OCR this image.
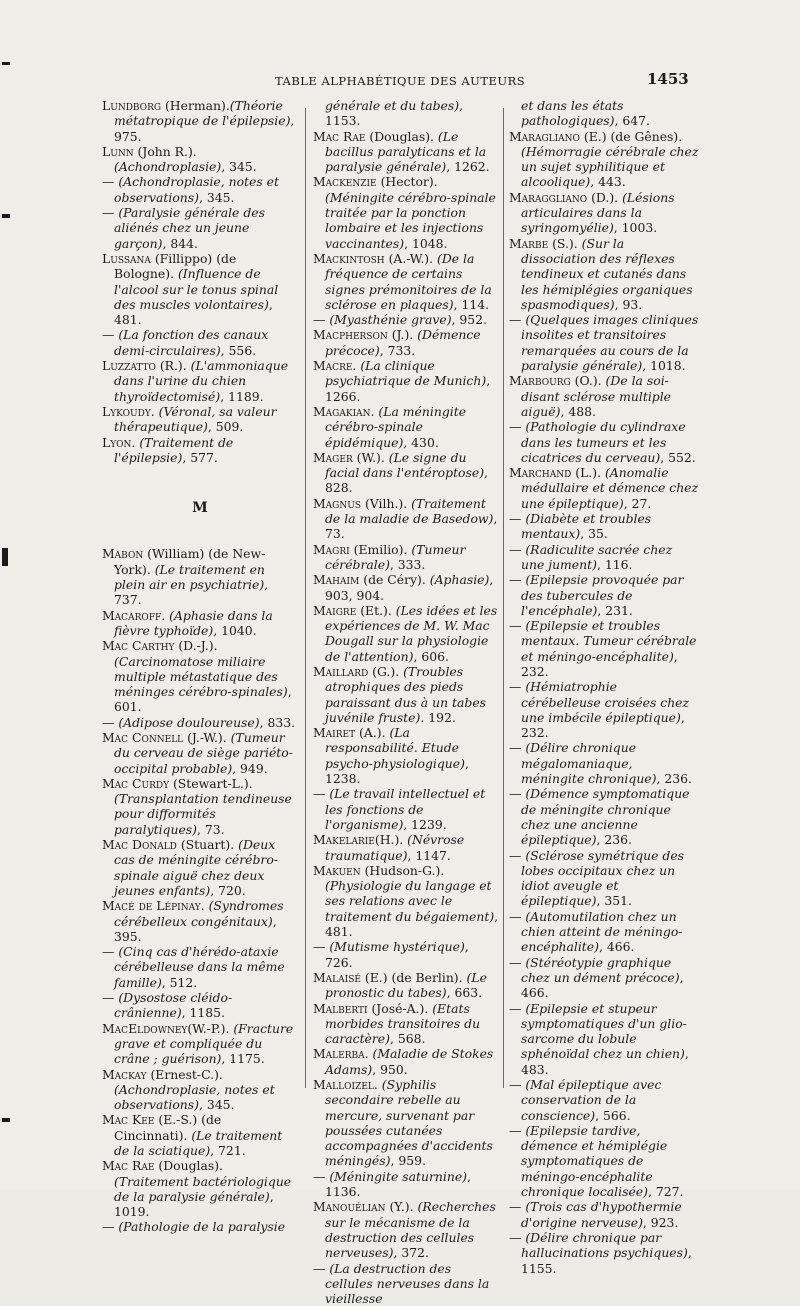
TABLE ALPHABÉTIQUE DES AUTEURS	1453

Lundborg (Herman).(Théorie métatropique de l'épilepsie), 975.

Lunn (John R.). (Achondroplasie), 345.

— (Achondroplasie, notes et observations), 345.

— (Paralysie générale des aliénés chez un jeune garçon), 844.

Lussana (Fillippo) (de Bologne). (Influence de l'alcool sur le tonus spinal des muscles volontaires), 481.

— (La fonction des canaux demi-circulaires), 556.

Luzzatto (R.). (L'ammoniaque dans l'urine du chien thyroïdectomisé), 1189.

Lykoudy. (Véronal, sa valeur thérapeutique), 509.

Lyon. (Traitement de l'épilepsie), 577.

M

Mabon (William) (de New-York). (Le traitement en plein air en psychiatrie), 737.

Macaroff. (Aphasie dans la fièvre typhoïde), 1040.

Mac Carthy (D.-J.). (Carcinomatose miliaire multiple métastatique des méninges cérébro-spinales), 601.

— (Adipose douloureuse), 833.

Mac Connell (J.-W.). (Tumeur du cerveau de siège pariéto-occipital probable), 949.

Mac Curdy (Stewart-L.). (Transplantation tendineuse pour difformités paralytiques), 73.

Mac Donald (Stuart). (Deux cas de méningite cérébro-spinale aiguë chez deux jeunes enfants), 720.

Macé de Lépinay. (Syndromes cérébelleux congénitaux), 395.

— (Cinq cas d'hérédo-ataxie cérébelleuse dans la même famille), 512.

— (Dysostose cléido-crânienne), 1185.

MacEldowney(W.-P.). (Fracture grave et compliquée du crâne ; guérison), 1175.

Mackay (Ernest-C.). (Achondroplasie, notes et observations), 345.

Mac Kee (E.-S.) (de Cincinnati). (Le traitement de la sciatique), 721.

Mac Rae (Douglas). (Traitement bactériologique de la paralysie générale), 1019.

— (Pathologie de la paralysie

générale et du tabes), 1153.

Mac Rae (Douglas). (Le bacillus paralyticans et la paralysie générale), 1262.

Mackenzie (Hector). (Méningite cérébro-spinale traitée par la ponction lombaire et les injections vaccinantes), 1048.

Mackintosh (A.-W.). (De la fréquence de certains signes prémonitoires de la sclérose en plaques), 114.

— (Myasthénie grave), 952.

Macpherson (J.). (Démence précoce), 733.

Macre. (La clinique psychiatrique de Munich), 1266.

Magakian. (La méningite cérébro-spinale épidémique), 430.

Mager (W.). (Le signe du facial dans l'entéroptose), 828.

Magnus (Vilh.). (Traitement de la maladie de Basedow), 73.

Magri (Emilio). (Tumeur cérébrale), 333.

Mahaim (de Céry). (Aphasie), 903, 904.

Maigre (Et.). (Les idées et les expériences de M. W. Mac Dougall sur la physiologie de l'attention), 606.

Maillard (G.). (Troubles atrophiques des pieds paraissant dus à un tabes juvénile fruste). 192.

Mairet (A.). (La responsabilité. Etude psycho-physiologique), 1238.

— (Le travail intellectuel et les fonctions de l'organisme), 1239.

Makelarie(H.). (Névrose traumatique), 1147.

Makuen (Hudson-G.). (Physiologie du langage et ses relations avec le traitement du bégaiement), 481.

— (Mutisme hystérique), 726.

Malaisé (E.) (de Berlin). (Le pronostic du tabes), 663.

Malberti (José-A.). (Etats morbides transitoires du caractère), 568.

Malerba. (Maladie de Stokes Adams), 950.

Malloizel. (Syphilis secondaire rebelle au mercure, survenant par poussées cutanées accompagnées d'accidents méningés), 959.

— (Méningite saturnine), 1136.

Manouélian (Y.). (Recherches sur le mécanisme de la destruction des cellules nerveuses), 372.

— (La destruction des cellules nerveuses dans la vieillesse

et dans les états pathologiques), 647.

Maragliano (E.) (de Gênes). (Hémorragie cérébrale chez un sujet syphilitique et alcoolique), 443.

Maraggliano (D.). (Lésions articulaires dans la syringomyélie), 1003.

Marbe (S.). (Sur la dissociation des réflexes tendineux et cutanés dans les hémiplégies organiques spasmodiques), 93.

— (Quelques images cliniques insolites et transitoires remarquées au cours de la paralysie générale), 1018.

Marbourg (O.). (De la soi-disant sclérose multiple aiguë), 488.

— (Pathologie du cylindraxe dans les tumeurs et les cicatrices du cerveau), 552.

Marchand (L.). (Anomalie médullaire et démence chez une épileptique), 27.

— (Diabète et troubles mentaux), 35.

— (Radiculite sacrée chez une jument), 116.

— (Epilepsie provoquée par des tubercules de l'encéphale), 231.

— (Epilepsie et troubles mentaux. Tumeur cérébrale et méningo-encéphalite), 232.

— (Hémiatrophie cérébelleuse croisées chez une imbécile épileptique), 232.

— (Délire chronique mégalomaniaque, méningite chronique), 236.

— (Démence symptomatique de méningite chronique chez une ancienne épileptique), 236.

— (Sclérose symétrique des lobes occipitaux chez un idiot aveugle et épileptique), 351.

— (Automutilation chez un chien atteint de méningo-encéphalite), 466.

— (Stéréotypie graphique chez un dément précoce), 466.

— (Epilepsie et stupeur symptomatiques d'un glio-sarcome du lobule sphénoïdal chez un chien), 483.

— (Mal épileptique avec conservation de la conscience), 566.

— (Epilepsie tardive, démence et hémiplégie symptomatiques de méningo-encéphalite chronique localisée), 727.

— (Trois cas d'hypothermie d'origine nerveuse), 923.

— (Délire chronique par hallucinations psychiques), 1155.
